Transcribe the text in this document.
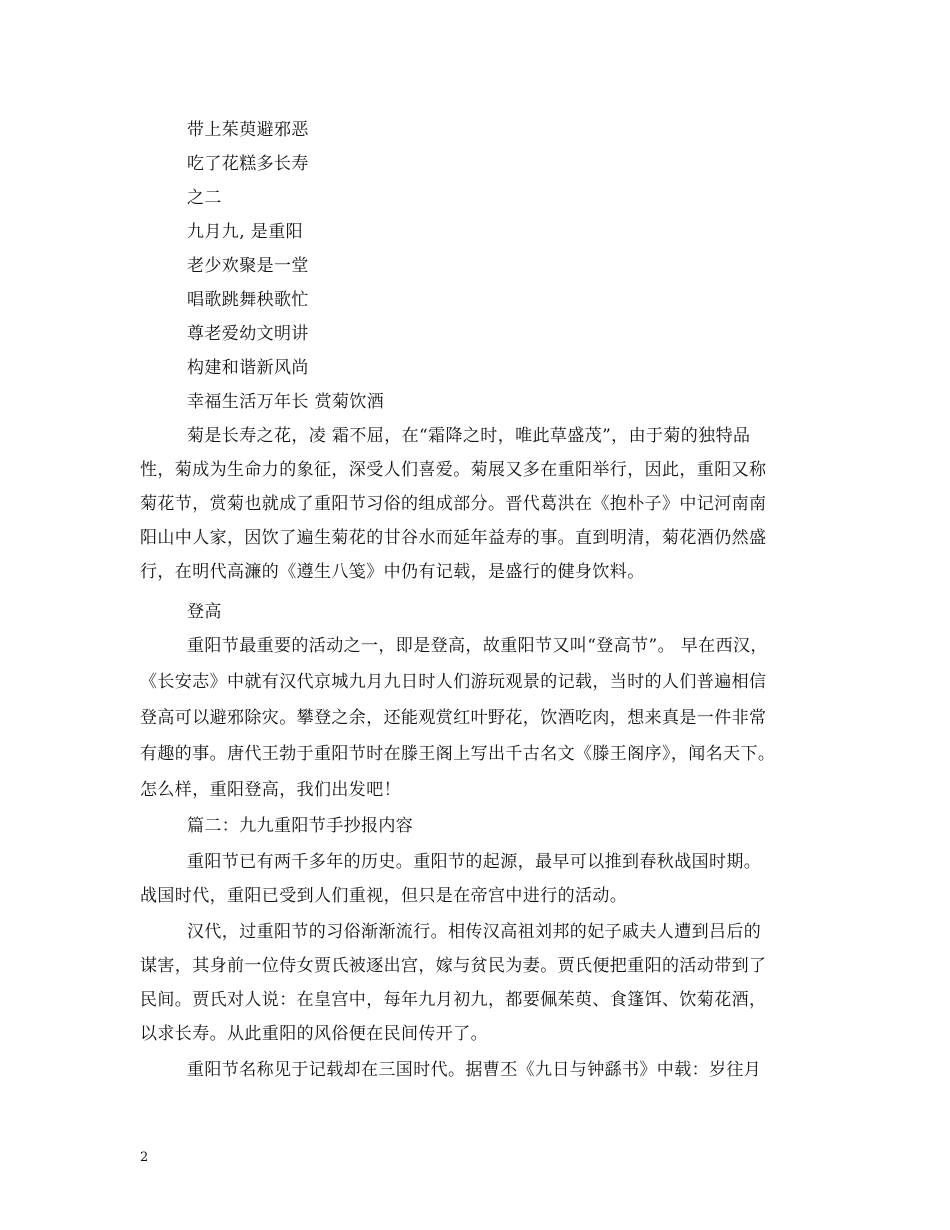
带上茱萸避邪恶
吃了花糕多长寿
之二
九月九, 是重阳
老少欢聚是一堂
唱歌跳舞秧歌忙
尊老爱幼文明讲
构建和谐新风尚
幸福生活万年长 赏菊饮酒
菊是长寿之花，凌 霜不屈，在“霜降之时，唯此草盛茂”，由于菊的独特品
性，菊成为生命力的象征，深受人们喜爱。菊展又多在重阳举行，因此，重阳又称
菊花节，赏菊也就成了重阳节习俗的组成部分。晋代葛洪在《抱朴子》中记河南南
阳山中人家，因饮了遍生菊花的甘谷水而延年益寿的事。直到明清，菊花酒仍然盛
行，在明代高濂的《遵生八笺》中仍有记载，是盛行的健身饮料。
登高
重阳节最重要的活动之一，即是登高，故重阳节又叫“登高节”。 早在西汉，
《长安志》中就有汉代京城九月九日时人们游玩观景的记载，当时的人们普遍相信
登高可以避邪除灾。攀登之余，还能观赏红叶野花，饮酒吃肉，想来真是一件非常
有趣的事。唐代王勃于重阳节时在滕王阁上写出千古名文《滕王阁序》，闻名天下。
怎么样，重阳登高，我们出发吧！
篇二：九九重阳节手抄报内容
重阳节已有两千多年的历史。重阳节的起源，最早可以推到春秋战国时期。
战国时代，重阳已受到人们重视，但只是在帝宫中进行的活动。
汉代，过重阳节的习俗渐渐流行。相传汉高祖刘邦的妃子戚夫人遭到吕后的
谋害，其身前一位侍女贾氏被逐出宫，嫁与贫民为妻。贾氏便把重阳的活动带到了
民间。贾氏对人说：在皇宫中，每年九月初九，都要佩茱萸、食篷饵、饮菊花酒，
以求长寿。从此重阳的风俗便在民间传开了。
重阳节名称见于记载却在三国时代。据曹丕《九日与钟繇书》中载：岁往月
2
